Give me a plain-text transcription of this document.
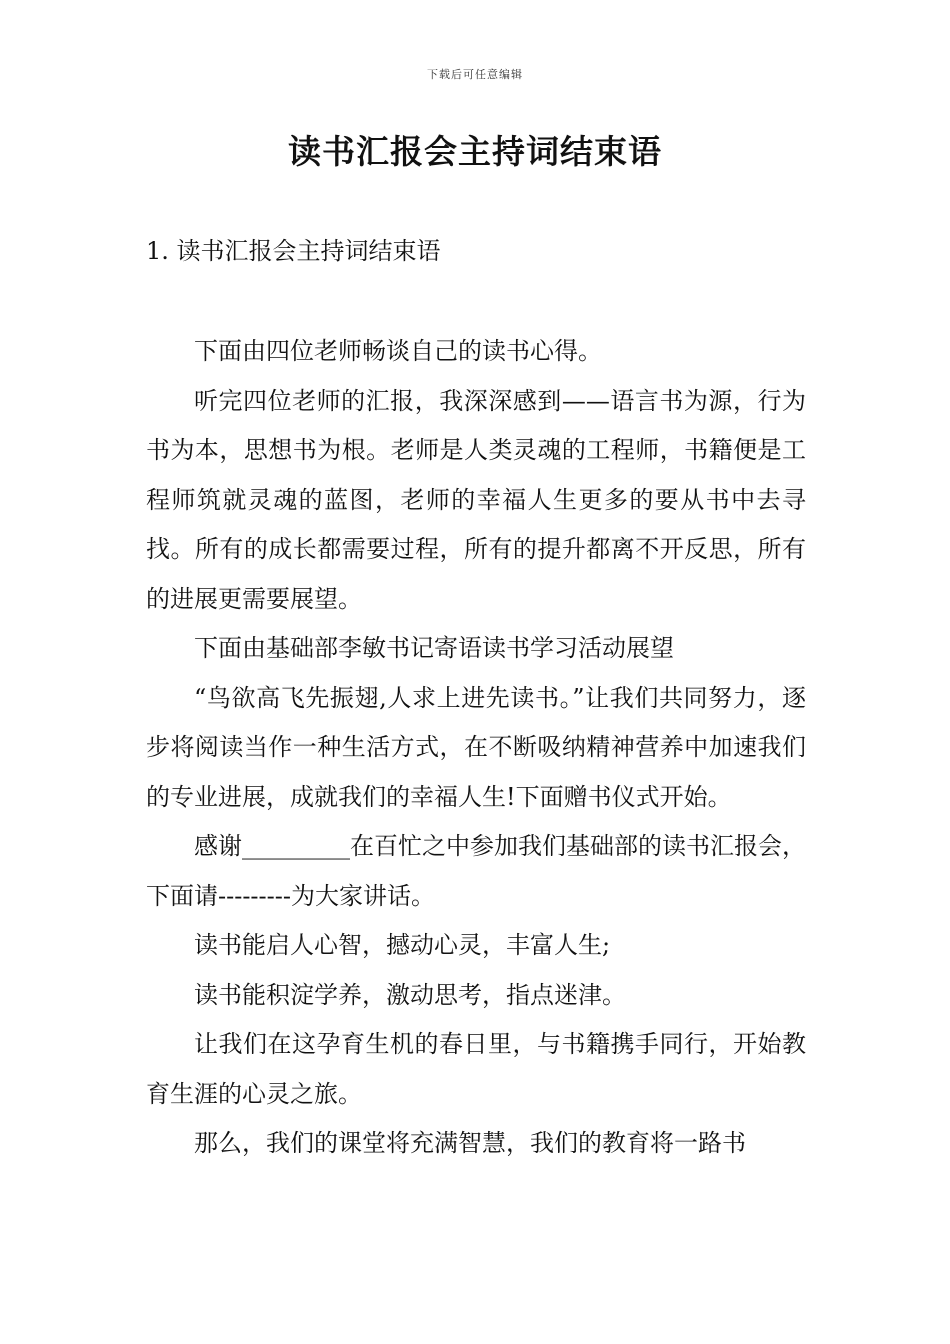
下载后可任意编辑
读书汇报会主持词结束语
1. 读书汇报会主持词结束语

下面由四位老师畅谈自己的读书心得。

听完四位老师的汇报，我深深感到——语言书为源，行为书为本，思想书为根。老师是人类灵魂的工程师，书籍便是工程师筑就灵魂的蓝图，老师的幸福人生更多的要从书中去寻找。所有的成长都需要过程，所有的提升都离不开反思，所有的进展更需要展望。

下面由基础部李敏书记寄语读书学习活动展望

“鸟欲高飞先振翅,人求上进先读书。”让我们共同努力，逐步将阅读当作一种生活方式，在不断吸纳精神营养中加速我们的专业进展，成就我们的幸福人生!下面赠书仪式开始。

感谢_________在百忙之中参加我们基础部的读书汇报会，下面请---------为大家讲话。

读书能启人心智，撼动心灵，丰富人生;

读书能积淀学养，激动思考，指点迷津。

让我们在这孕育生机的春日里，与书籍携手同行，开始教育生涯的心灵之旅。

那么，我们的课堂将充满智慧，我们的教育将一路书
